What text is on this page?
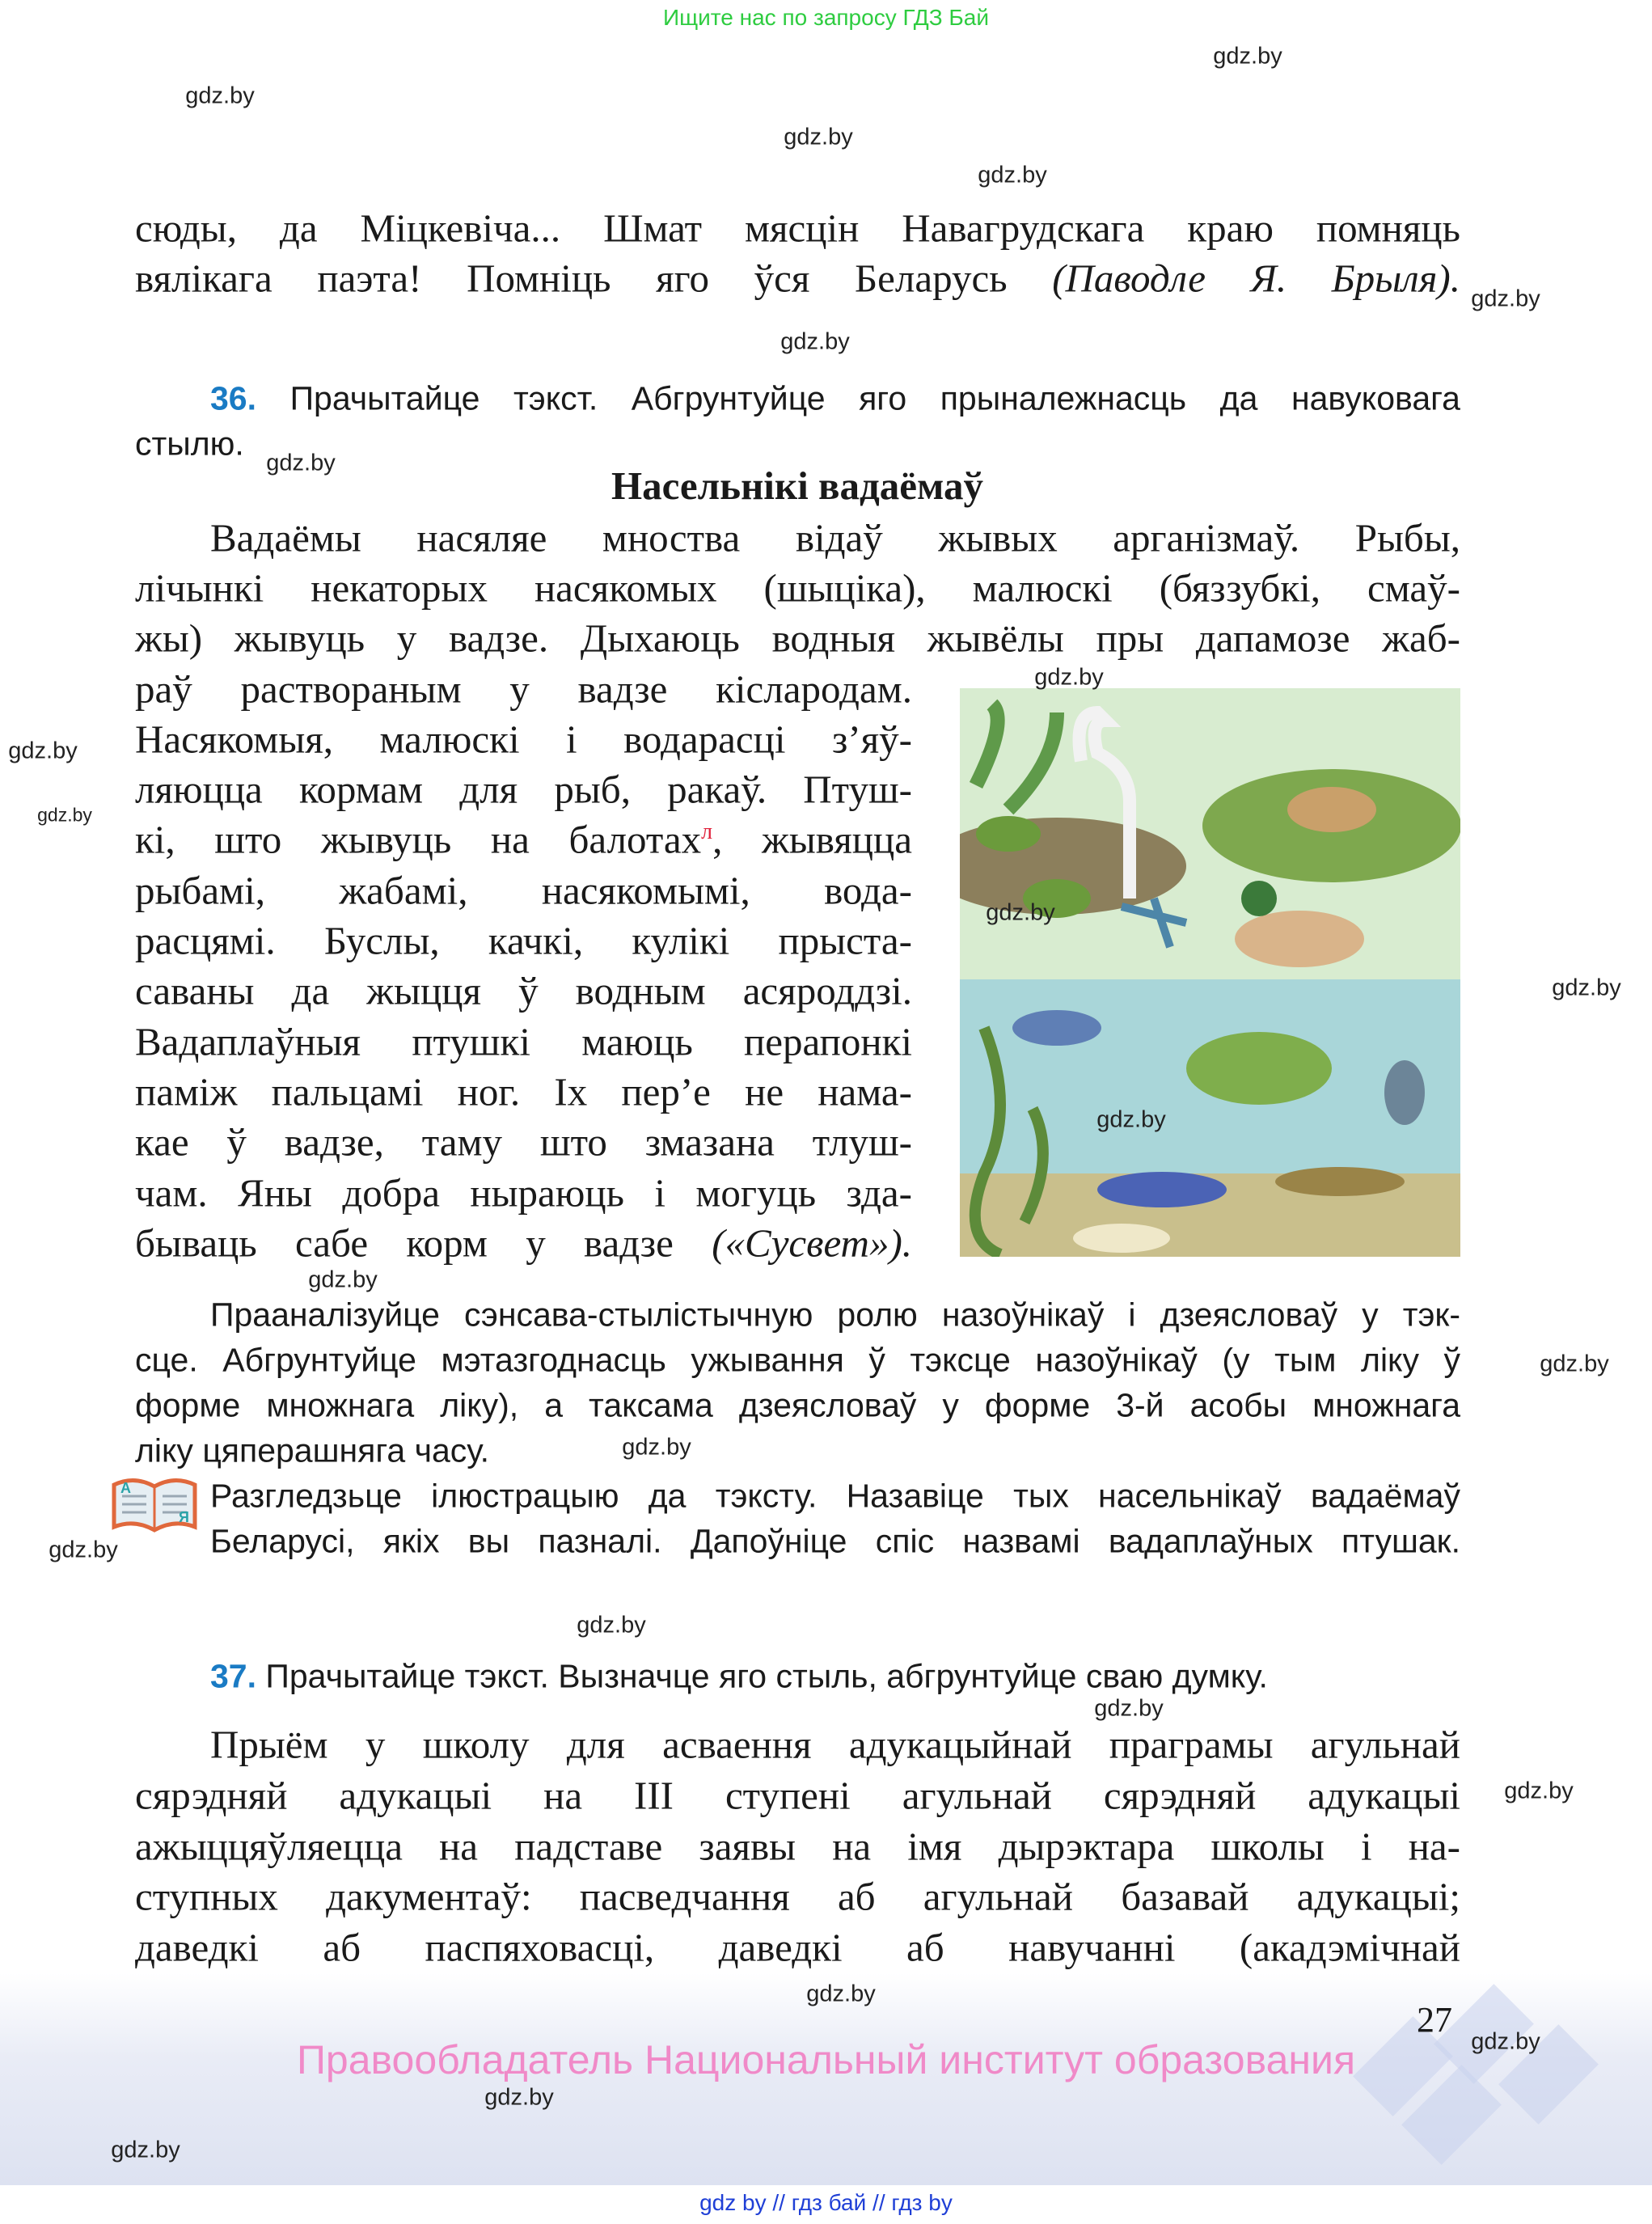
Ищите нас по запросу ГДЗ Бай
сюды, да Міцкевіча... Шмат мясцін Навагрудскага краю помняць
вялікага паэта! Помніць яго ўся Беларусь (Паводле Я. Брыля).
36. Прачытайце тэкст. Абгрунтуйце яго прыналежнасць да навуковага
стылю.
Насельнікі вадаёмаў
Вадаёмы насяляе мноства відаў жывых арганізмаў. Рыбы,
лічынкі некаторых насякомых (шыціка), малюскі (бяззубкі, смаў-
жы) жывуць у вадзе. Дыхаюць водныя жывёлы пры дапамозе жаб-
раў раствораным у вадзе кіслародам.
Насякомыя, малюскі і водарасці з’яў-
ляюцца кормам для рыб, ракаў. Птуш-
кі, што жывуць на балотах$^л$, жывяцца
рыбамі, жабамі, насякомымі, вода-
расцямі. Буслы, качкі, кулікі прыста-
саваны да жыцця ў водным асяроддзі.
Вадаплаўныя птушкі маюць перапонкі
паміж пальцамі ног. Іх пер’е не нама-
кае ў вадзе, таму што змазана тлуш-
чам. Яны добра ныраюць і могуць зда-
бываць сабе корм у вадзе («Сусвет»).
Прааналізуйце сэнсава-стылістычную ролю назоўнікаў і дзеясловаў у тэк-
сце. Абгрунтуйце мэтазгоднасць ужывання ў тэксце назоўнікаў (у тым ліку ў
форме множнага ліку), а таксама дзеясловаў у форме 3-й асобы множнага
ліку цяперашняга часу.
А
Я
Разгледзьце ілюстрацыю да тэксту. Назавіце тых насельнікаў вадаёмаў
Беларусі, якіх вы пазналі. Дапоўніце спіс назвамі вадаплаўных птушак.
37. Прачытайце тэкст. Вызначце яго стыль, абгрунтуйце сваю думку.
Прыём у школу для асваення адукацыйнай праграмы агульнай
сярэдняй адукацыі на ІІІ ступені агульнай сярэдняй адукацыі
ажыццяўляецца на падставе заявы на імя дырэктара школы і на-
ступных дакументаў: пасведчання аб агульнай базавай адукацыі;
даведкі аб паспяховасці, даведкі аб навучанні (акадэмічнай
27
Правообладатель Национальный институт образования
gdz by // гдз бай // гдз by
gdz.by
gdz.by
gdz.by
gdz.by
gdz.by
gdz.by
gdz.by
gdz.by
gdz.by
gdz.by
gdz.by
gdz.by
gdz.by
gdz.by
gdz.by
gdz.by
gdz.by
gdz.by
gdz.by
gdz.by
gdz.by
gdz.by
gdz.by
gdz.by
